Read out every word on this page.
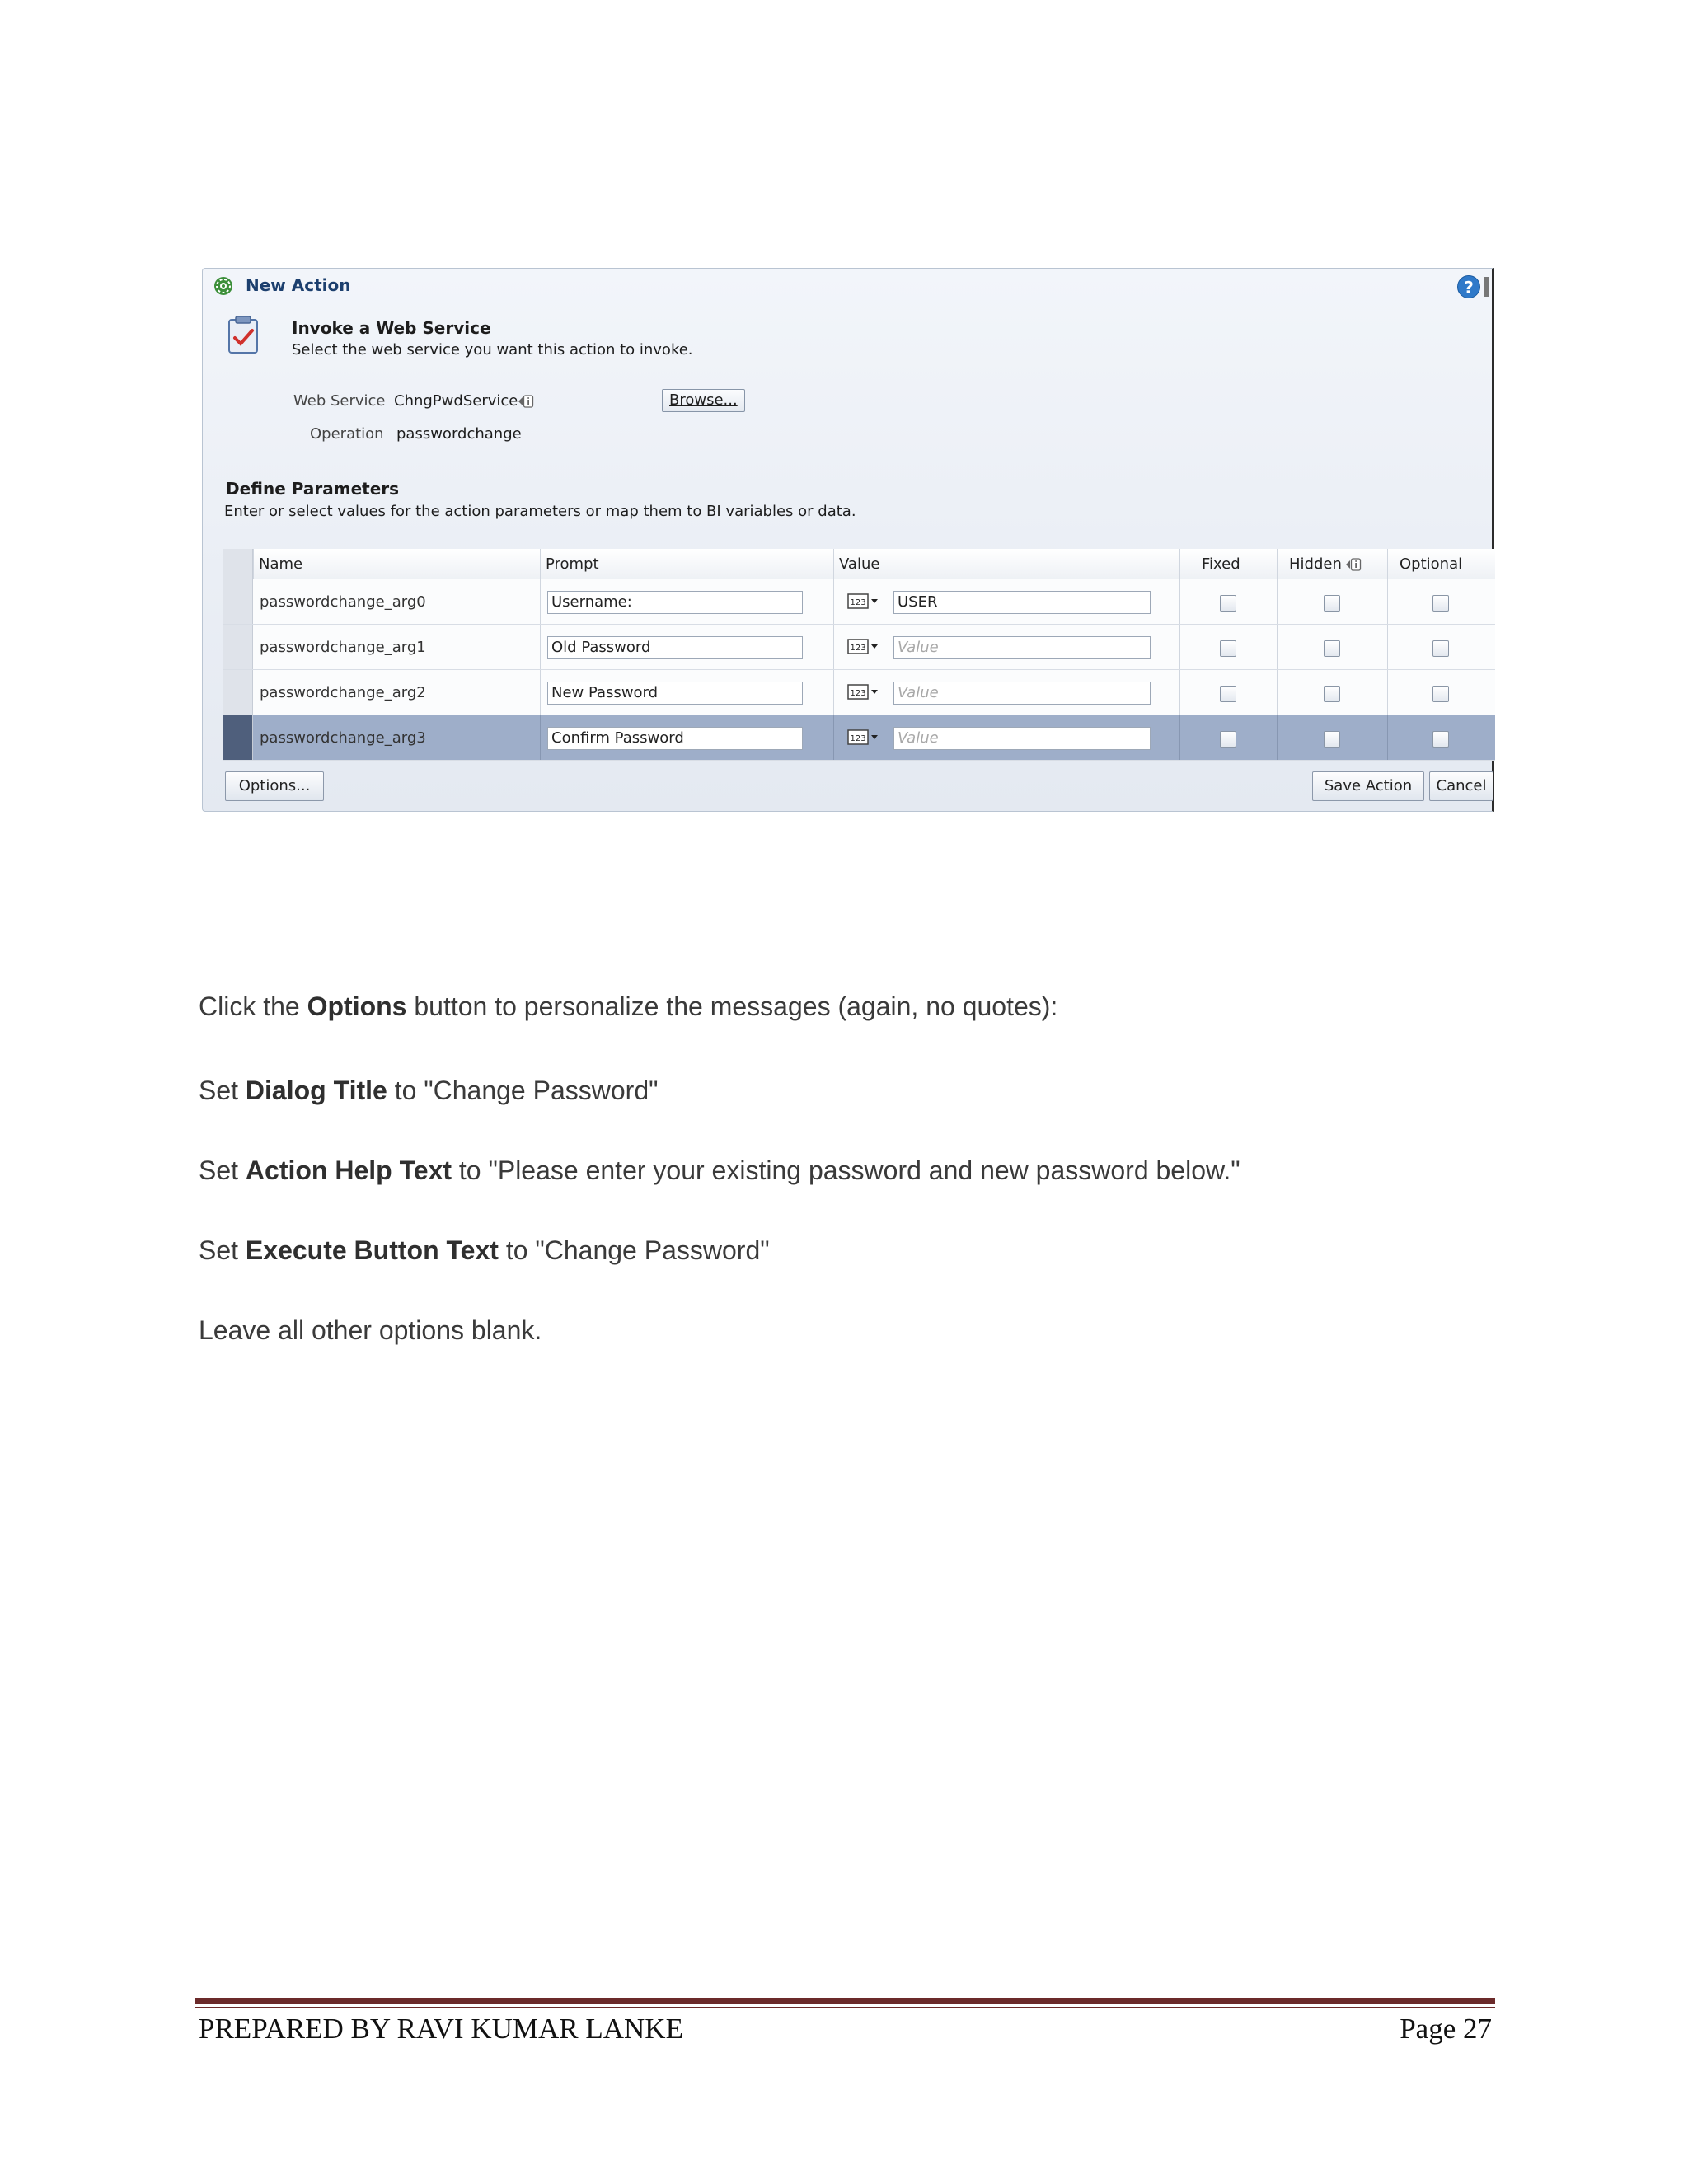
New Action	?
Invoke a Web Service
Select the web service you want this action to invoke.
Web Service ChngPwdService	Browse...
Operation passwordchange
Define Parameters
Enter or select values for the action parameters or map them to BI variables or data.
Name	Prompt	Value	Fixed	Hidden	Optional
passwordchange_arg0	Username:	123 USER
passwordchange_arg1	Old Password	123 Value
passwordchange_arg2	New Password	123 Value
passwordchange_arg3	Confirm Password	123 Value
Options...	Save Action	Cancel
Click the Options button to personalize the messages (again, no quotes):
Set Dialog Title to "Change Password"
Set Action Help Text to "Please enter your existing password and new password below."
Set Execute Button Text to "Change Password"
Leave all other options blank.
PREPARED BY RAVI KUMAR LANKE	Page 27
